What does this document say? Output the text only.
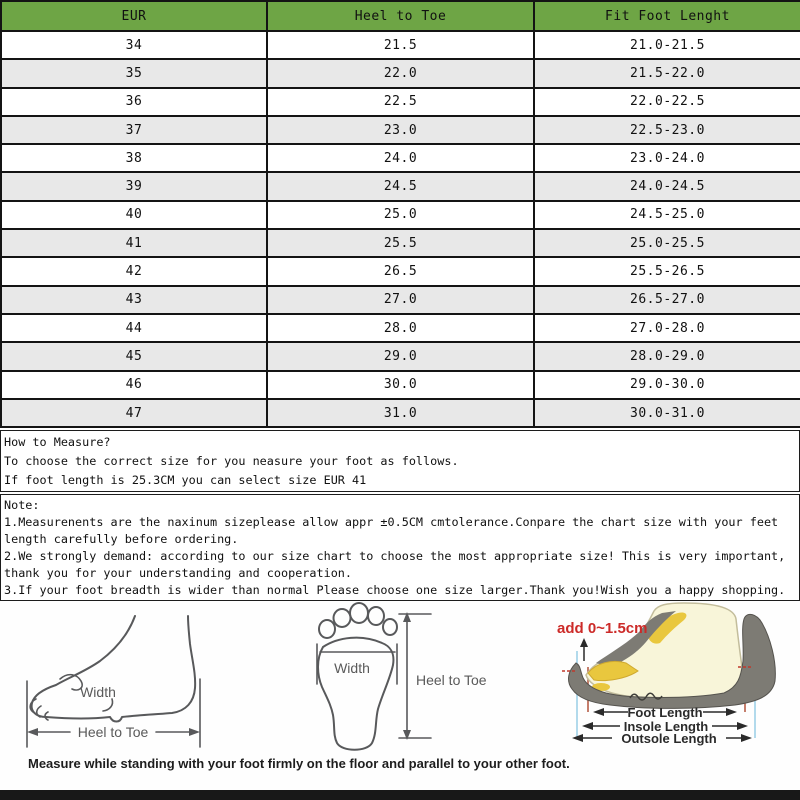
EUR	Heel to Toe	Fit Foot Lenght
34	21.5	21.0-21.5
35	22.0	21.5-22.0
36	22.5	22.0-22.5
37	23.0	22.5-23.0
38	24.0	23.0-24.0
39	24.5	24.0-24.5
40	25.0	24.5-25.0
41	25.5	25.0-25.5
42	26.5	25.5-26.5
43	27.0	26.5-27.0
44	28.0	27.0-28.0
45	29.0	28.0-29.0
46	30.0	29.0-30.0
47	31.0	30.0-31.0

How to Measure?

To choose the correct size for you neasure your foot as follows.

If foot length is 25.3CM you can select size EUR 41

Note:

1.Measurenents are the naxinum sizeplease allow appr ±0.5CM cmtolerance.Conpare the chart size with your feet length carefully before ordering.

2.We strongly demand: according to our size chart to choose the most appropriate size! This is very important, thank you for your understanding and cooperation.

3.If your foot breadth is wider than normal Please choose one size larger.Thank you!Wish you a happy shopping.

Width
Heel to Toe
Width
Heel to Toe
add 0~1.5cm
Foot Length
Insole Length
Outsole Length
Measure while standing with your foot firmly on the floor and parallel to your other foot.
